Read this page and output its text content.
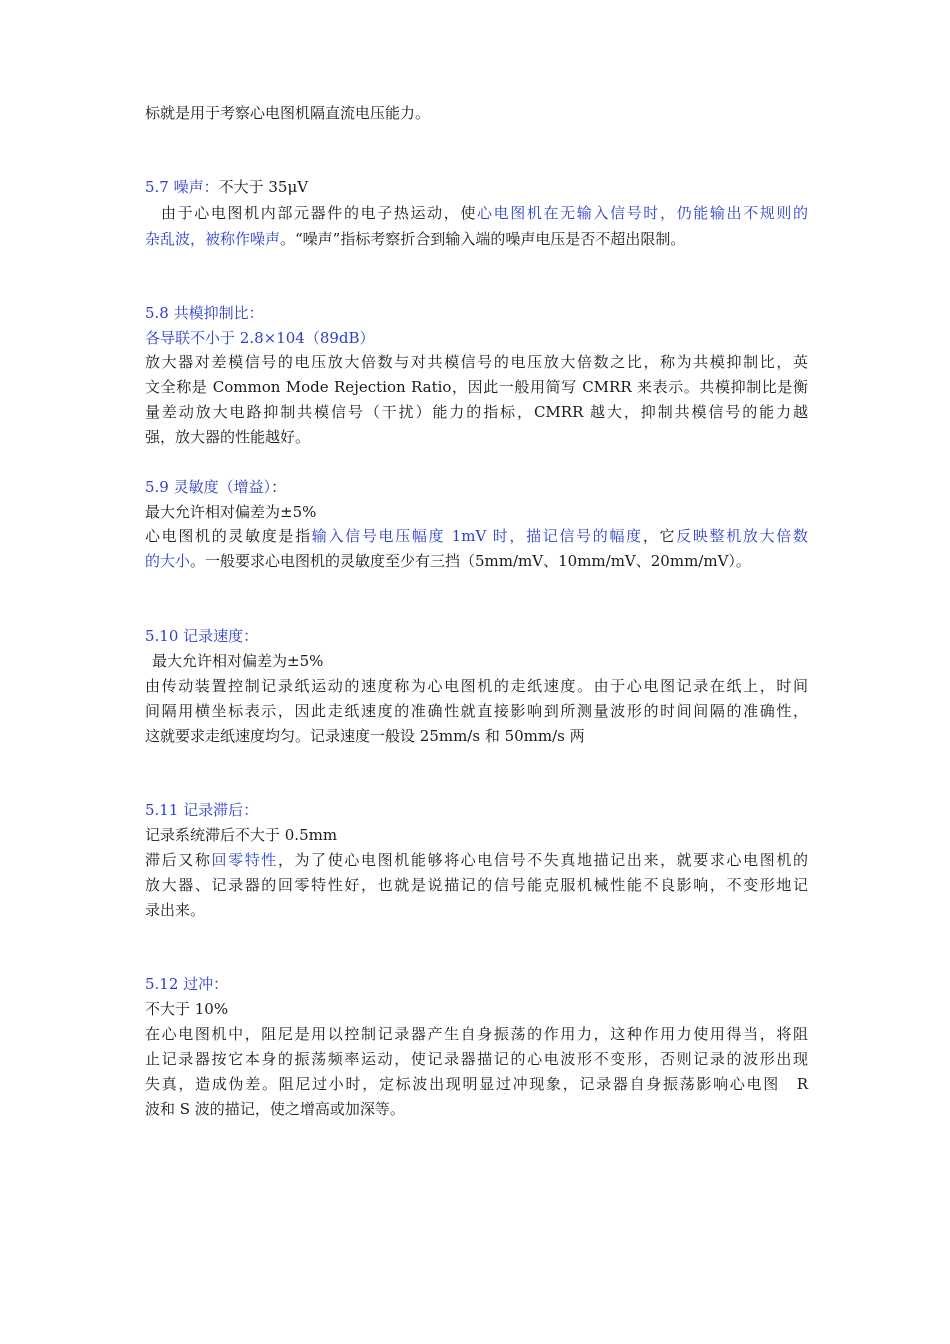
标就是用于考察心电图机隔直流电压能力。
5.7 噪声：不大于 35μV
由于心电图机内部元器件的电子热运动，使心电图机在无输入信号时，仍能输出不规则的
杂乱波，被称作噪声。“噪声”指标考察折合到输入端的噪声电压是否不超出限制。
5.8 共模抑制比：
各导联不小于 2.8×104（89dB）
放大器对差模信号的电压放大倍数与对共模信号的电压放大倍数之比，称为共模抑制比，英
文全称是 Common Mode Rejection Ratio，因此一般用简写 CMRR 来表示。共模抑制比是衡
量差动放大电路抑制共模信号（干扰）能力的指标，CMRR 越大，抑制共模信号的能力越
强，放大器的性能越好。
5.9 灵敏度（增益）：
最大允许相对偏差为±5%
心电图机的灵敏度是指输入信号电压幅度 1mV 时，描记信号的幅度，它反映整机放大倍数
的大小。一般要求心电图机的灵敏度至少有三挡（5mm/mV、10mm/mV、20mm/mV）。
5.10 记录速度：
最大允许相对偏差为±5%
由传动装置控制记录纸运动的速度称为心电图机的走纸速度。由于心电图记录在纸上，时间
间隔用横坐标表示，因此走纸速度的准确性就直接影响到所测量波形的时间间隔的准确性，
这就要求走纸速度均匀。记录速度一般设 25mm/s 和 50mm/s 两
5.11 记录滞后：
记录系统滞后不大于 0.5mm
滞后又称回零特性，为了使心电图机能够将心电信号不失真地描记出来，就要求心电图机的
放大器、记录器的回零特性好，也就是说描记的信号能克服机械性能不良影响，不变形地记
录出来。
5.12 过冲：
不大于 10%
在心电图机中，阻尼是用以控制记录器产生自身振荡的作用力，这种作用力使用得当，将阻
止记录器按它本身的振荡频率运动，使记录器描记的心电波形不变形，否则记录的波形出现
失真，造成伪差。阻尼过小时，定标波出现明显过冲现象，记录器自身振荡影响心电图　R
波和 S 波的描记，使之增高或加深等。
